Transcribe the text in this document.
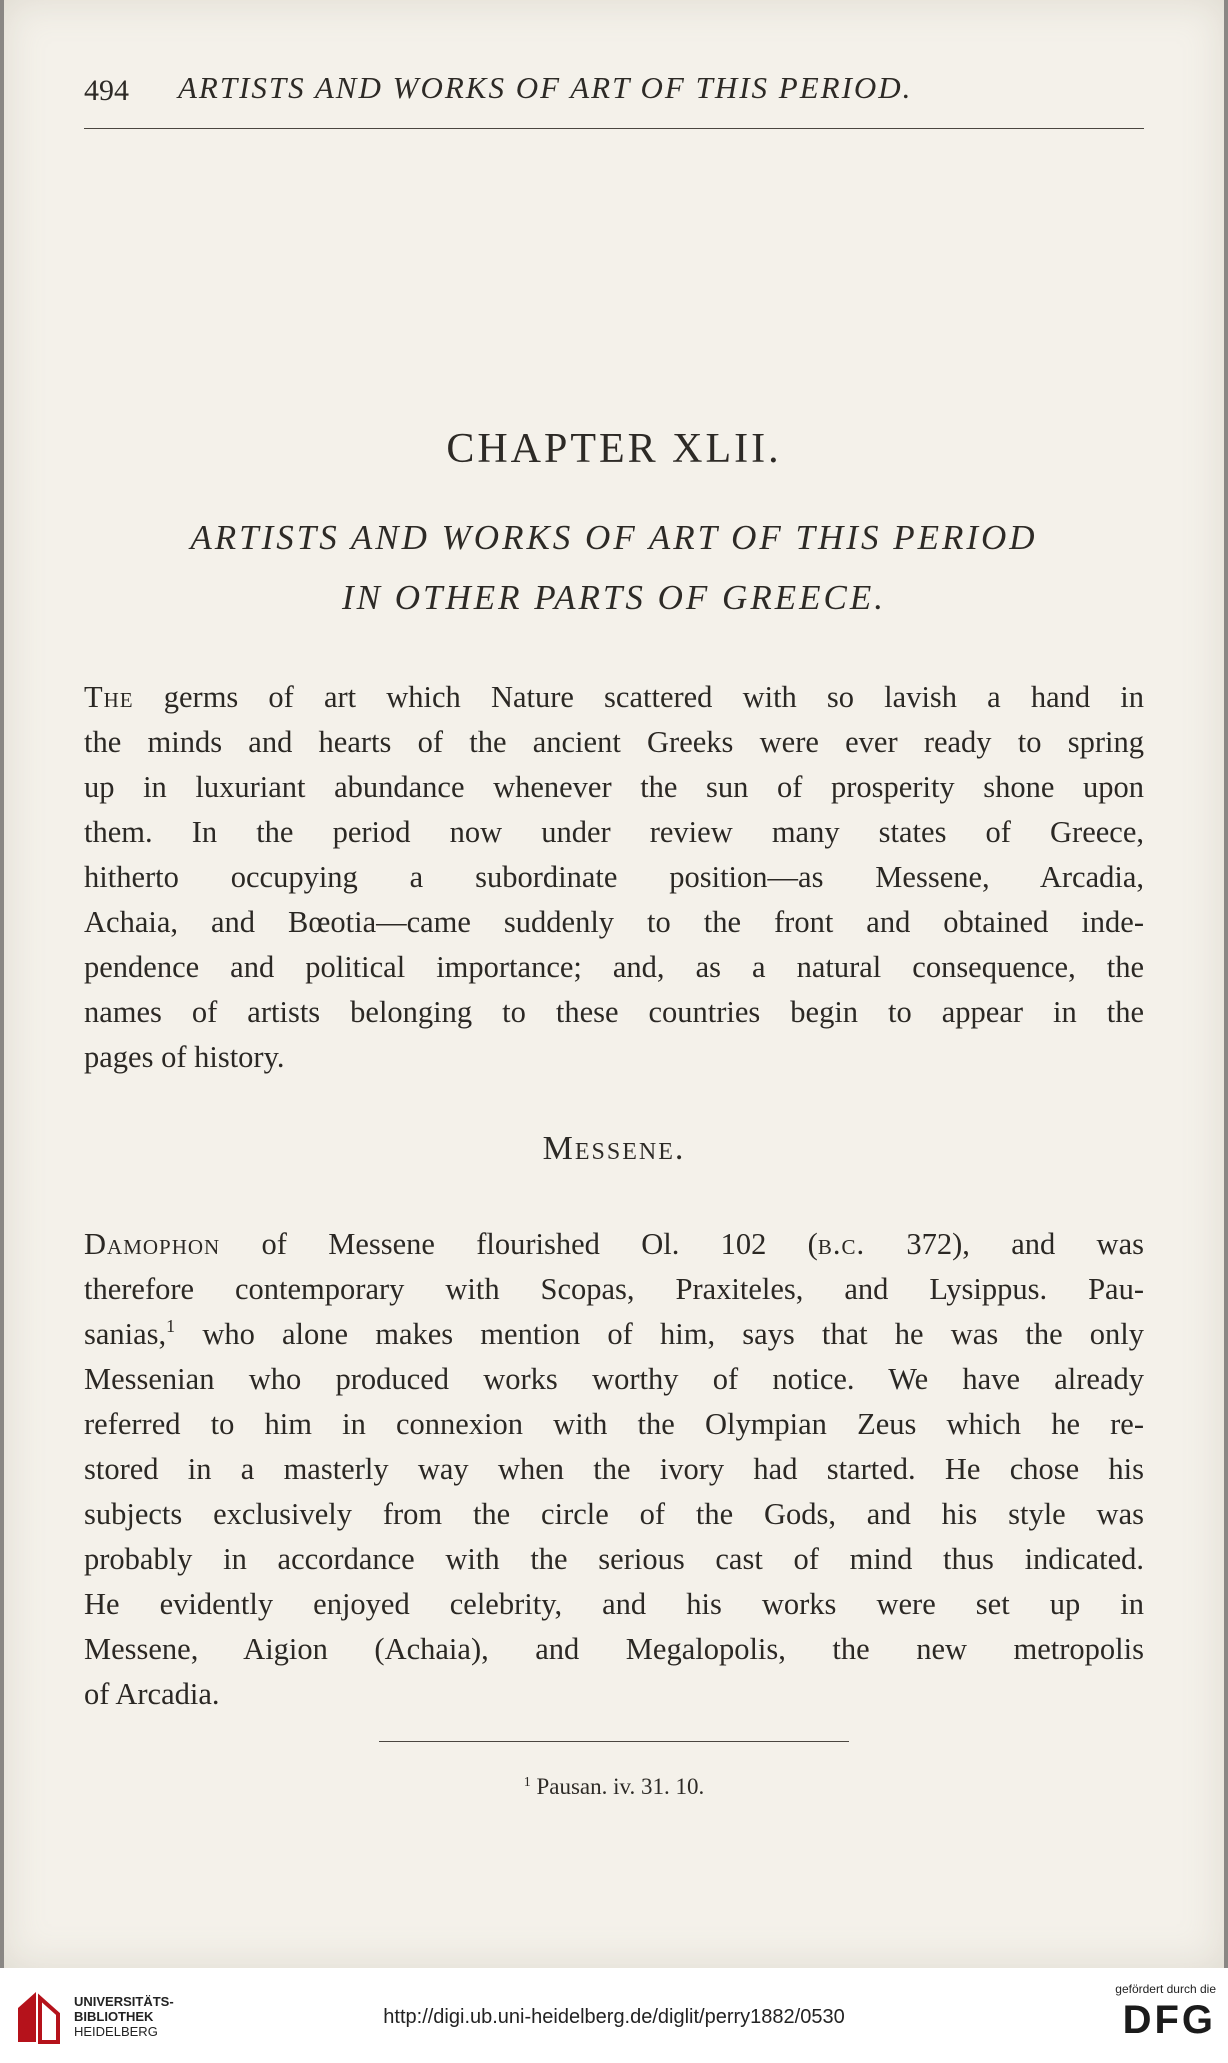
494 ARTISTS AND WORKS OF ART OF THIS PERIOD.
CHAPTER XLII.
ARTISTS AND WORKS OF ART OF THIS PERIOD
IN OTHER PARTS OF GREECE.
The germs of art which Nature scattered with so lavish a hand in
the minds and hearts of the ancient Greeks were ever ready to spring
up in luxuriant abundance whenever the sun of prosperity shone upon
them. In the period now under review many states of Greece,
hitherto occupying a subordinate position—as Messene, Arcadia,
Achaia, and Bœotia—came suddenly to the front and obtained inde-
pendence and political importance; and, as a natural consequence, the
names of artists belonging to these countries begin to appear in the
pages of history.
Messene.
Damophon of Messene flourished Ol. 102 (b.c. 372), and was
therefore contemporary with Scopas, Praxiteles, and Lysippus. Pau-
sanias,$^1$ who alone makes mention of him, says that he was the only
Messenian who produced works worthy of notice. We have already
referred to him in connexion with the Olympian Zeus which he re-
stored in a masterly way when the ivory had started. He chose his
subjects exclusively from the circle of the Gods, and his style was
probably in accordance with the serious cast of mind thus indicated.
He evidently enjoyed celebrity, and his works were set up in
Messene, Aigion (Achaia), and Megalopolis, the new metropolis
of Arcadia.
$^1$ Pausan. iv. 31. 10.
UNIVERSITÄTS-
BIBLIOTHEK
HEIDELBERG
http://digi.ub.uni-heidelberg.de/diglit/perry1882/0530
gefördert durch die
DFG
